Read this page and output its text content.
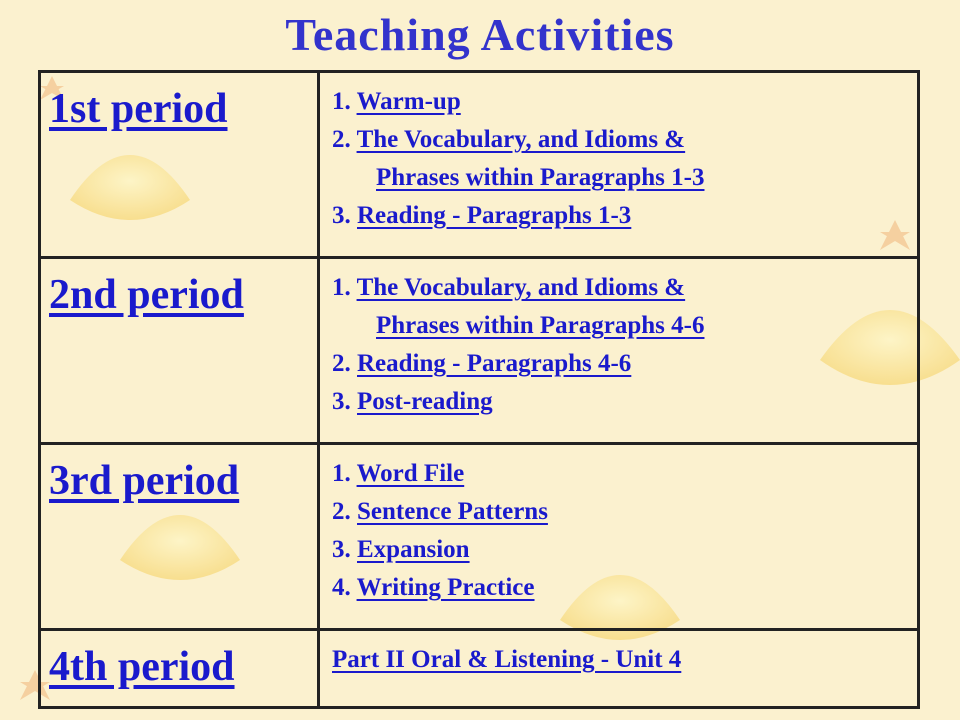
Teaching Activities
1st period	1. Warm-up
2. The Vocabulary, and Idioms &
Phrases within Paragraphs 1-3
3. Reading - Paragraphs 1-3

2nd period	1. The Vocabulary, and Idioms &
Phrases within Paragraphs 4-6
2. Reading - Paragraphs 4-6
3. Post-reading

3rd period	1. Word File
2. Sentence Patterns
3. Expansion
4. Writing Practice

4th period	Part II Oral & Listening - Unit 4
